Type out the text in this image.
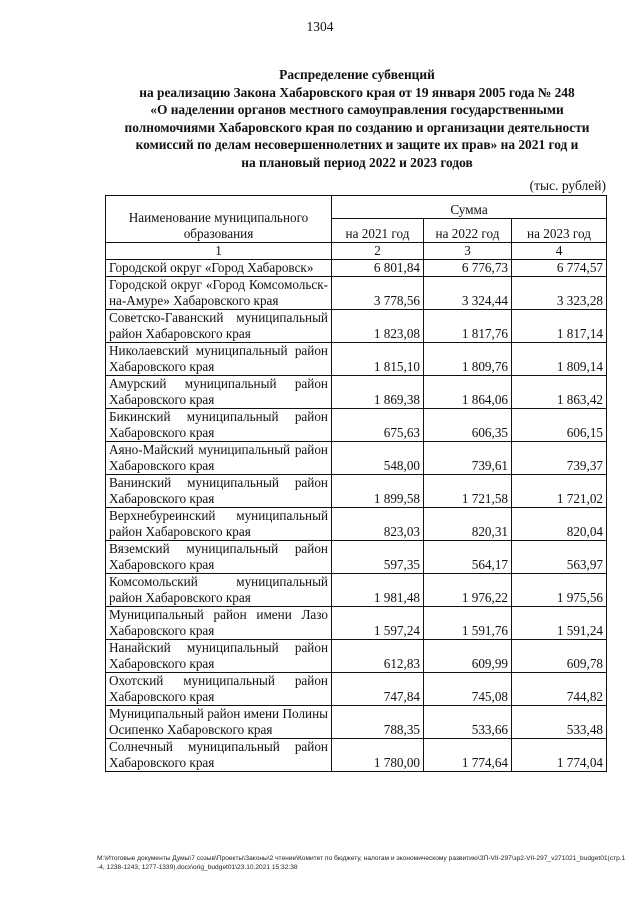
1304
Распределение субвенций
на реализацию Закона Хабаровского края от 19 января 2005 года № 248
«О наделении органов местного самоуправления государственными
полномочиями Хабаровского края по созданию и организации деятельности
комиссий по делам несовершеннолетних и защите их прав» на 2021 год и
на плановый период 2022 и 2023 годов
(тыс. рублей)
Наименование муниципального образования	Сумма		
	на 2021 год	на 2022 год	на 2023 год
1	2	3	4
Городской округ «Город Хабаровск»	6 801,84	6 776,73	6 774,57
Городской округ «Город Комсомольск-на-Амуре» Хабаровского края	3 778,56	3 324,44	3 323,28
Советско-Гаванский муниципальный район Хабаровского края	1 823,08	1 817,76	1 817,14
Николаевский муниципальный район Хабаровского края	1 815,10	1 809,76	1 809,14
Амурский муниципальный район Хабаровского края	1 869,38	1 864,06	1 863,42
Бикинский муниципальный район Хабаровского края	675,63	606,35	606,15
Аяно-Майский муниципальный район Хабаровского края	548,00	739,61	739,37
Ванинский муниципальный район Хабаровского края	1 899,58	1 721,58	1 721,02
Верхнебуреинский муниципальный район Хабаровского края	823,03	820,31	820,04
Вяземский муниципальный район Хабаровского края	597,35	564,17	563,97
Комсомольский муниципальный район Хабаровского края	1 981,48	1 976,22	1 975,56
Муниципальный район имени Лазо Хабаровского края	1 597,24	1 591,76	1 591,24
Нанайский муниципальный район Хабаровского края	612,83	609,99	609,78
Охотский муниципальный район Хабаровского края	747,84	745,08	744,82
Муниципальный район имени Полины Осипенко Хабаровского края	788,35	533,66	533,48
Солнечный муниципальный район Хабаровского края	1 780,00	1 774,64	1 774,04
M:\Итоговые документы Думы\7 созыв\Проекты\Законы\2 чтение\Комитет по бюджету, налогам и экономическому развитию\ЗП-VII-297\зр2-VII-297_v271021_budget01(стр.1-4, 1238-1243, 1277-1339).docx\orig_budget01\23.10.2021 15:32:38
